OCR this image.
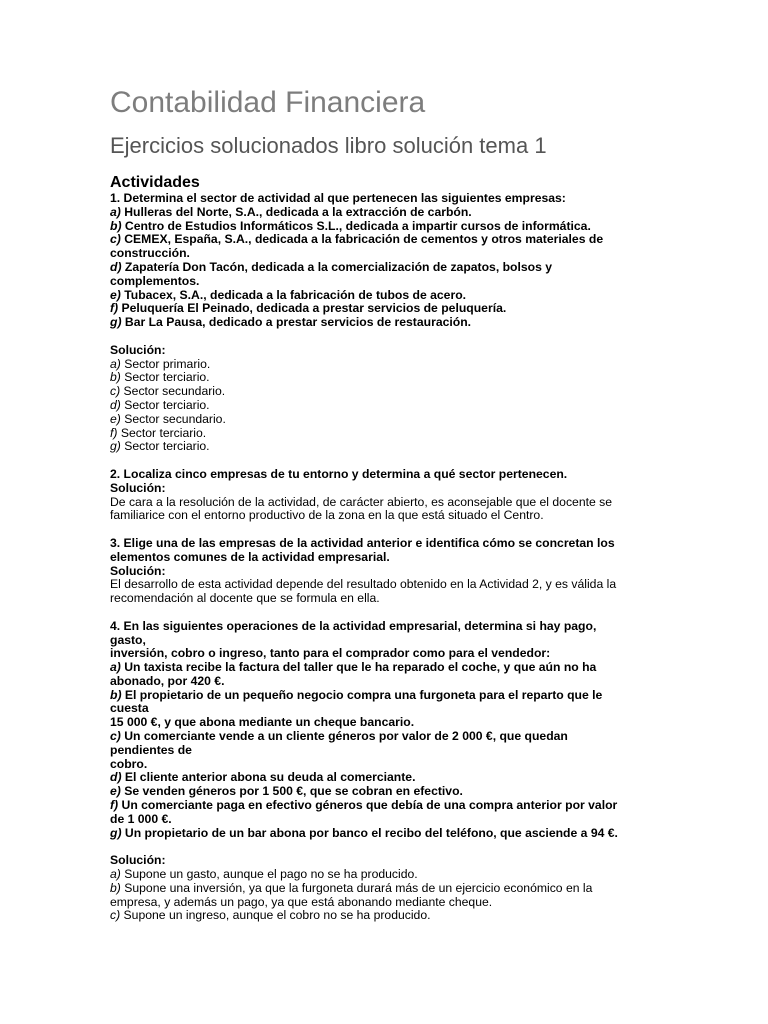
Contabilidad Financiera
Ejercicios solucionados libro solución tema 1
Actividades
1. Determina el sector de actividad al que pertenecen las siguientes empresas:
a) Hulleras del Norte, S.A., dedicada a la extracción de carbón.
b) Centro de Estudios Informáticos S.L., dedicada a impartir cursos de informática.
c) CEMEX, España, S.A., dedicada a la fabricación de cementos y otros materiales de
construcción.
d) Zapatería Don Tacón, dedicada a la comercialización de zapatos, bolsos y
complementos.
e) Tubacex, S.A., dedicada a la fabricación de tubos de acero.
f) Peluquería El Peinado, dedicada a prestar servicios de peluquería.
g) Bar La Pausa, dedicado a prestar servicios de restauración.
Solución:
a) Sector primario.
b) Sector terciario.
c) Sector secundario.
d) Sector terciario.
e) Sector secundario.
f) Sector terciario.
g) Sector terciario.
2. Localiza cinco empresas de tu entorno y determina a qué sector pertenecen.
Solución:
De cara a la resolución de la actividad, de carácter abierto, es aconsejable que el docente se
familiarice con el entorno productivo de la zona en la que está situado el Centro.
3. Elige una de las empresas de la actividad anterior e identifica cómo se concretan los
elementos comunes de la actividad empresarial.
Solución:
El desarrollo de esta actividad depende del resultado obtenido en la Actividad 2, y es válida la
recomendación al docente que se formula en ella.
4. En las siguientes operaciones de la actividad empresarial, determina si hay pago,
gasto,
inversión, cobro o ingreso, tanto para el comprador como para el vendedor:
a) Un taxista recibe la factura del taller que le ha reparado el coche, y que aún no ha
abonado, por 420 €.
b) El propietario de un pequeño negocio compra una furgoneta para el reparto que le
cuesta
15 000 €, y que abona mediante un cheque bancario.
c) Un comerciante vende a un cliente géneros por valor de 2 000 €, que quedan
pendientes de
cobro.
d) El cliente anterior abona su deuda al comerciante.
e) Se venden géneros por 1 500 €, que se cobran en efectivo.
f) Un comerciante paga en efectivo géneros que debía de una compra anterior por valor
de 1 000 €.
g) Un propietario de un bar abona por banco el recibo del teléfono, que asciende a 94 €.
Solución:
a) Supone un gasto, aunque el pago no se ha producido.
b) Supone una inversión, ya que la furgoneta durará más de un ejercicio económico en la
empresa, y además un pago, ya que está abonando mediante cheque.
c) Supone un ingreso, aunque el cobro no se ha producido.
